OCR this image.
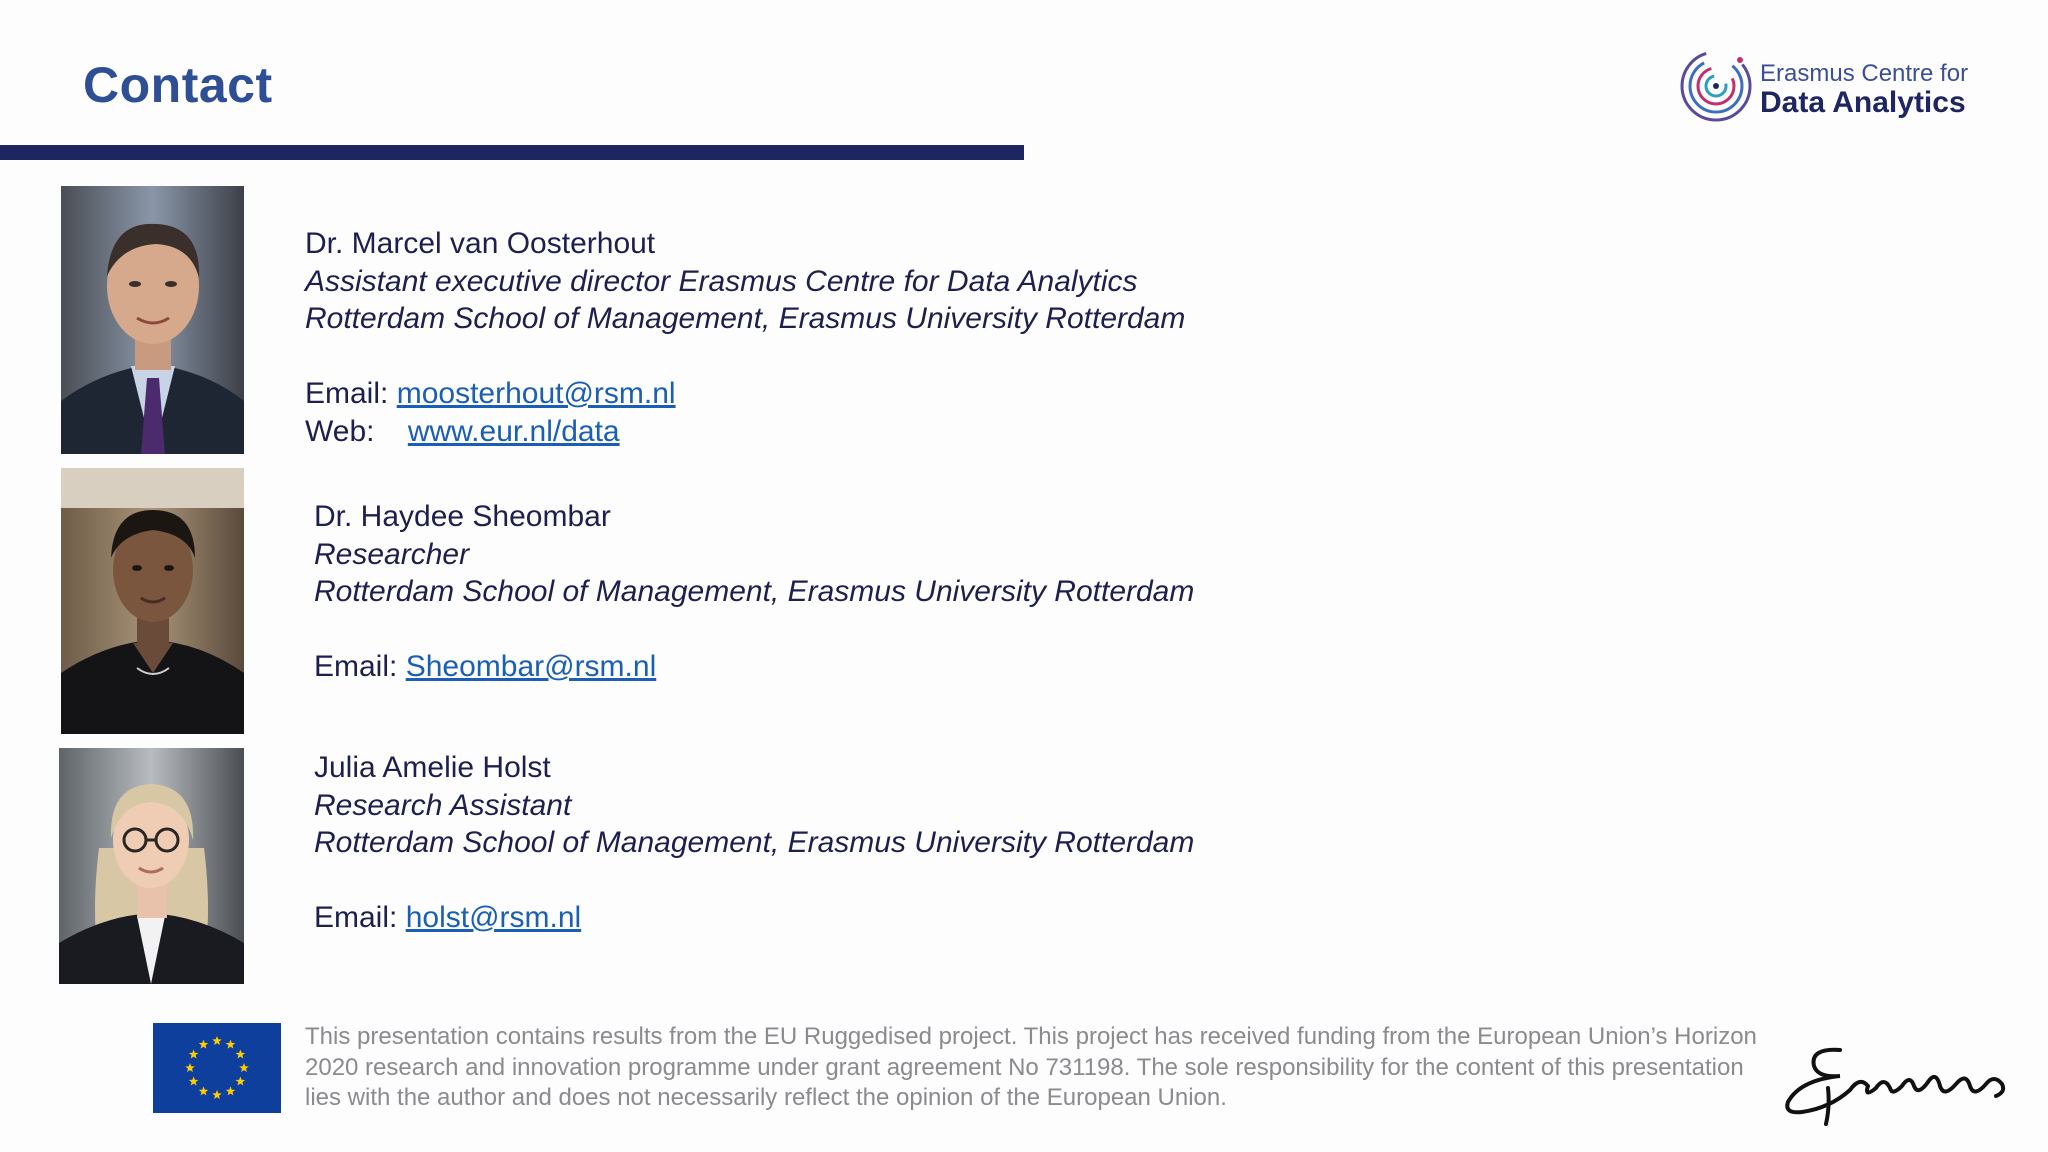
Contact	Erasmus Centre for
Data Analytics
Dr. Marcel van Oosterhout
Assistant executive director Erasmus Centre for Data Analytics
Rotterdam School of Management, Erasmus University Rotterdam
Email: moosterhout@rsm.nl
Web: www.eur.nl/data
Dr. Haydee Sheombar
Researcher
Rotterdam School of Management, Erasmus University Rotterdam
Email: Sheombar@rsm.nl
Julia Amelie Holst
Research Assistant
Rotterdam School of Management, Erasmus University Rotterdam
Email: holst@rsm.nl
This presentation contains results from the EU Ruggedised project. This project has received funding from the European Union’s Horizon 2020 research and innovation programme under grant agreement No 731198. The sole responsibility for the content of this presentation lies with the author and does not necessarily reflect the opinion of the European Union.
